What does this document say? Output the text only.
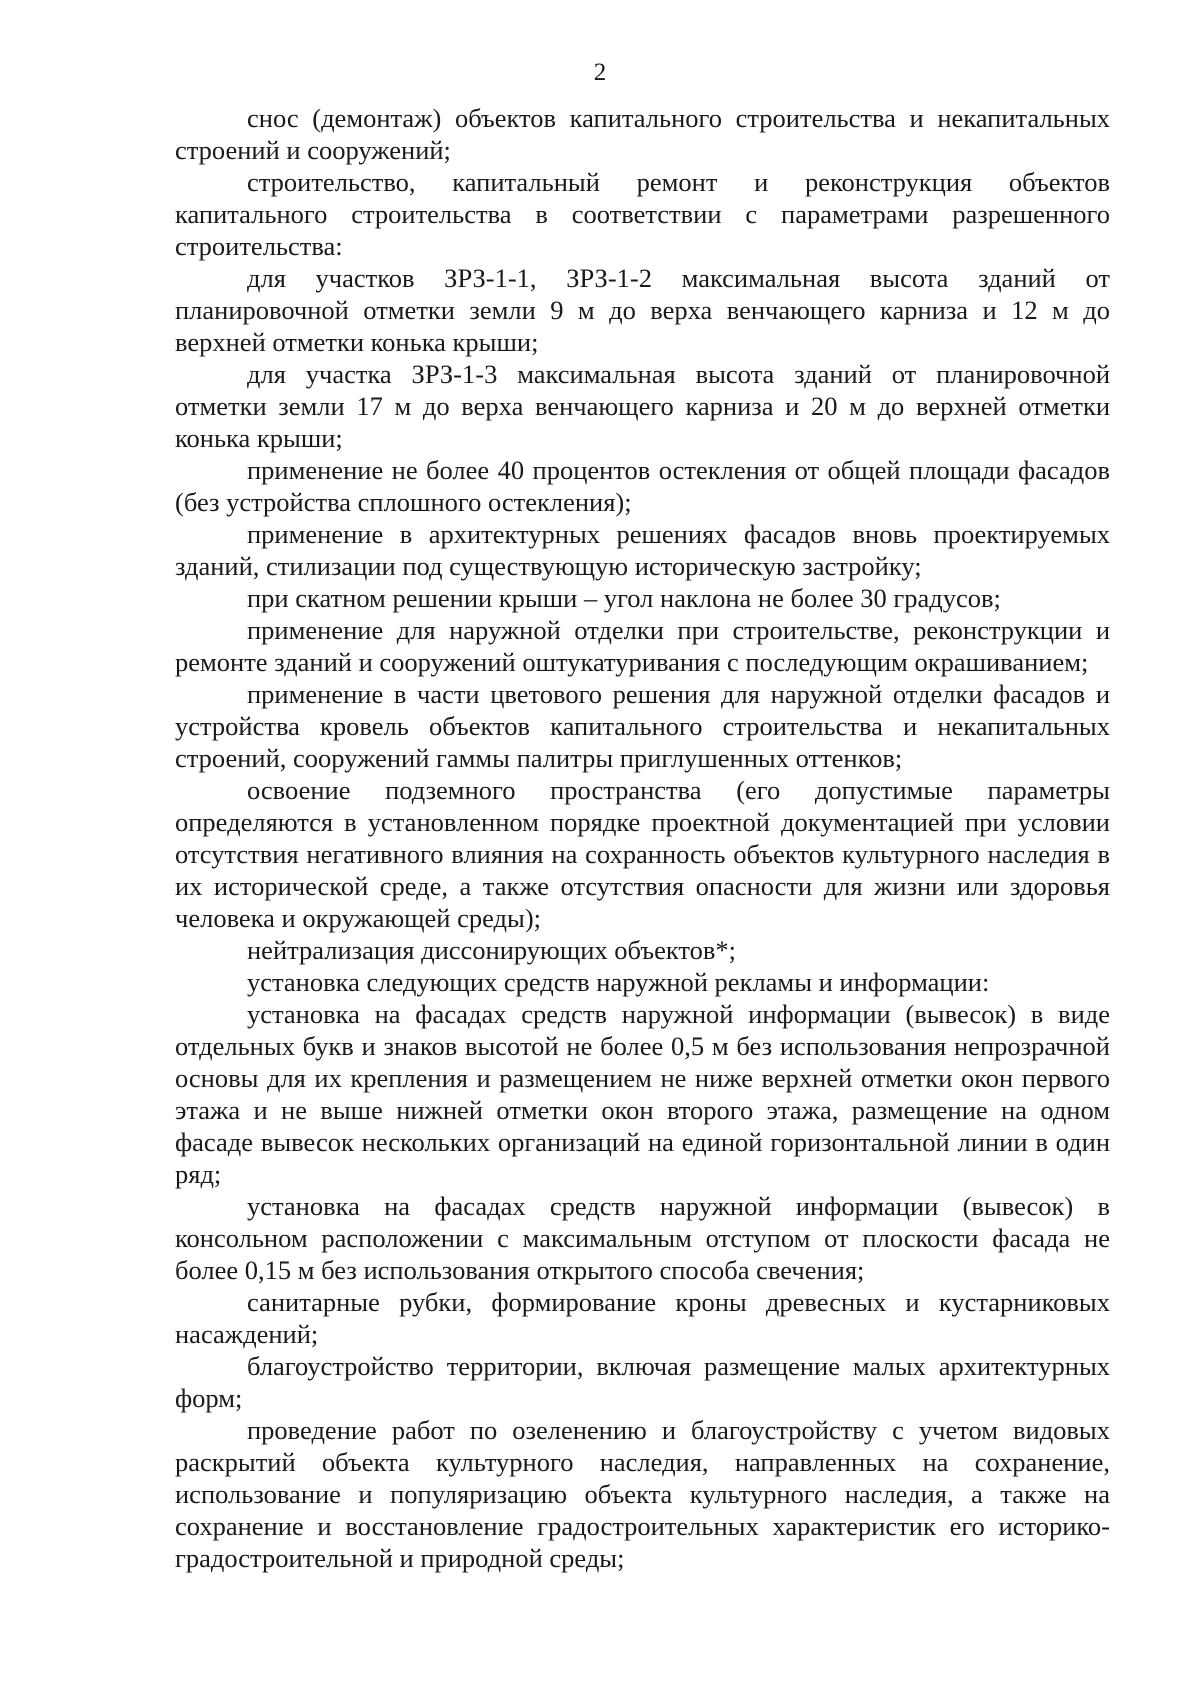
2

снос (демонтаж) объектов капитального строительства и некапитальных строений и сооружений;

строительство, капитальный ремонт и реконструкция объектов капитального строительства в соответствии с параметрами разрешенного строительства:

для участков ЗРЗ-1-1, ЗРЗ-1-2 максимальная высота зданий от планировочной отметки земли 9 м до верха венчающего карниза и 12 м до верхней отметки конька крыши;

для участка ЗРЗ-1-3 максимальная высота зданий от планировочной отметки земли 17 м до верха венчающего карниза и 20 м до верхней отметки конька крыши;

применение не более 40 процентов остекления от общей площади фасадов (без устройства сплошного остекления);

применение в архитектурных решениях фасадов вновь проектируемых зданий, стилизации под существующую историческую застройку;

при скатном решении крыши – угол наклона не более 30 градусов;

применение для наружной отделки при строительстве, реконструкции и ремонте зданий и сооружений оштукатуривания с последующим окрашиванием;

применение в части цветового решения для наружной отделки фасадов и устройства кровель объектов капитального строительства и некапитальных строений, сооружений гаммы палитры приглушенных оттенков;

освоение подземного пространства (его допустимые параметры определяются в установленном порядке проектной документацией при условии отсутствия негативного влияния на сохранность объектов культурного наследия в их исторической среде, а также отсутствия опасности для жизни или здоровья человека и окружающей среды);

нейтрализация диссонирующих объектов*;

установка следующих средств наружной рекламы и информации:

установка на фасадах средств наружной информации (вывесок) в виде отдельных букв и знаков высотой не более 0,5 м без использования непрозрачной основы для их крепления и размещением не ниже верхней отметки окон первого этажа и не выше нижней отметки окон второго этажа, размещение на одном фасаде вывесок нескольких организаций на единой горизонтальной линии в один ряд;

установка на фасадах средств наружной информации (вывесок) в консольном расположении с максимальным отступом от плоскости фасада не более 0,15 м без использования открытого способа свечения;

санитарные рубки, формирование кроны древесных и кустарниковых насаждений;

благоустройство территории, включая размещение малых архитектурных форм;

проведение работ по озеленению и благоустройству с учетом видовых раскрытий объекта культурного наследия, направленных на сохранение, использование и популяризацию объекта культурного наследия, а также на сохранение и восстановление градостроительных характеристик его историко-градостроительной и природной среды;
